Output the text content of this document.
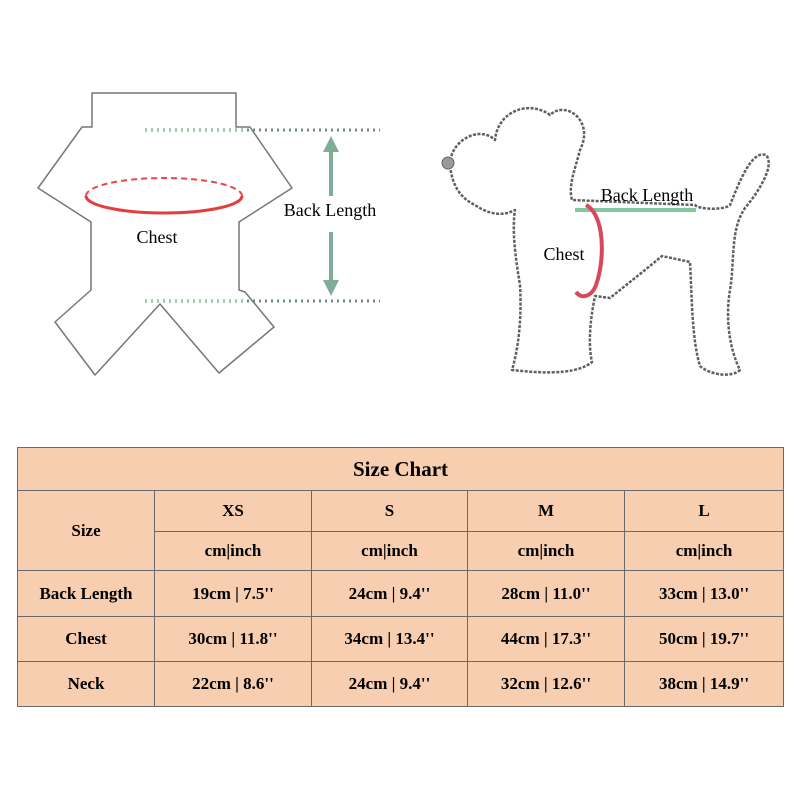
Back Length
Chest
Back Length
Chest
Size Chart				
Size	XS	S	M	L
	cm|inch	cm|inch	cm|inch	cm|inch
Back Length	19cm | 7.5''	24cm | 9.4''	28cm | 11.0''	33cm | 13.0''
Chest	30cm | 11.8''	34cm | 13.4''	44cm | 17.3''	50cm | 19.7''
Neck	22cm | 8.6''	24cm | 9.4''	32cm | 12.6''	38cm | 14.9''
